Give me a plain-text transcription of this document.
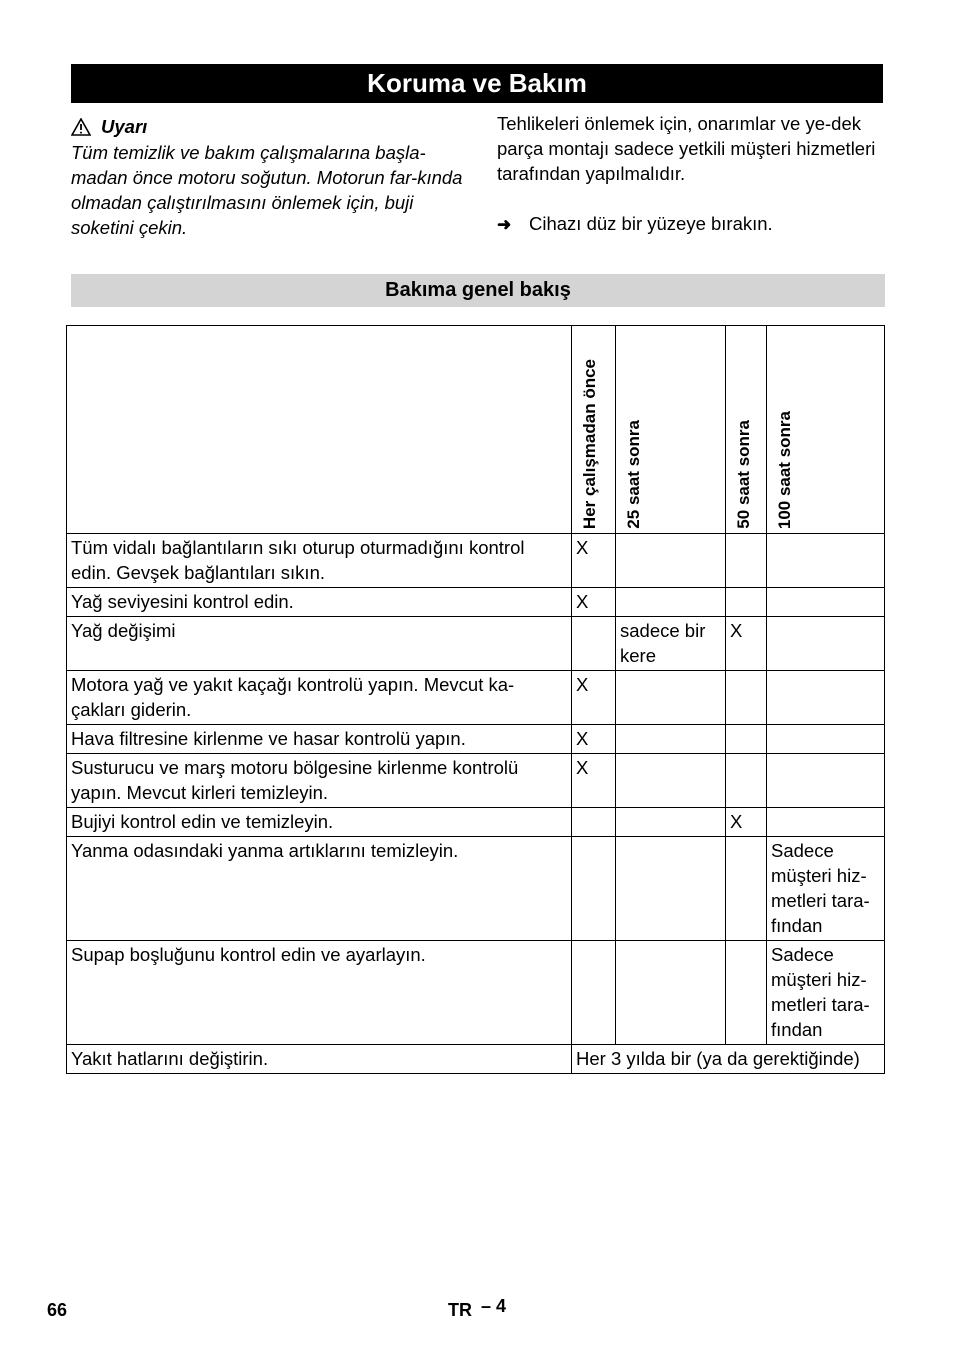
Koruma ve Bakım
Uyarı
Tüm temizlik ve bakım çalışmalarına başla-madan önce motoru soğutun. Motorun far-kında olmadan çalıştırılmasını önlemek için, buji soketini çekin.
Tehlikeleri önlemek için, onarımlar ve ye-dek parça montajı sadece yetkili müşteri hizmetleri tarafından yapılmalıdır.
➜ Cihazı düz bir yüzeye bırakın.
Bakıma genel bakış

	Her çalışmadan önce	25 saat sonra	50 saat sonra	100 saat sonra

Tüm vidalı bağlantıların sıkı oturup oturmadığını kontrol edin. Gevşek bağlantıları sıkın.	X			
Yağ seviyesini kontrol edin.	X			
Yağ değişimi		sadece bir kere	X	
Motora yağ ve yakıt kaçağı kontrolü yapın. Mevcut ka-çakları giderin.	X			
Hava filtresine kirlenme ve hasar kontrolü yapın.	X			
Susturucu ve marş motoru bölgesine kirlenme kontrolü yapın. Mevcut kirleri temizleyin.	X			
Bujiyi kontrol edin ve temizleyin.			X	
Yanma odasındaki yanma artıklarını temizleyin.				Sadece müşteri hiz-metleri tara-fından
Supap boşluğunu kontrol edin ve ayarlayın.				Sadece müşteri hiz-metleri tara-fından
Yakıt hatlarını değiştirin.	Her 3 yılda bir (ya da gerektiğinde)			
66	TR – 4
